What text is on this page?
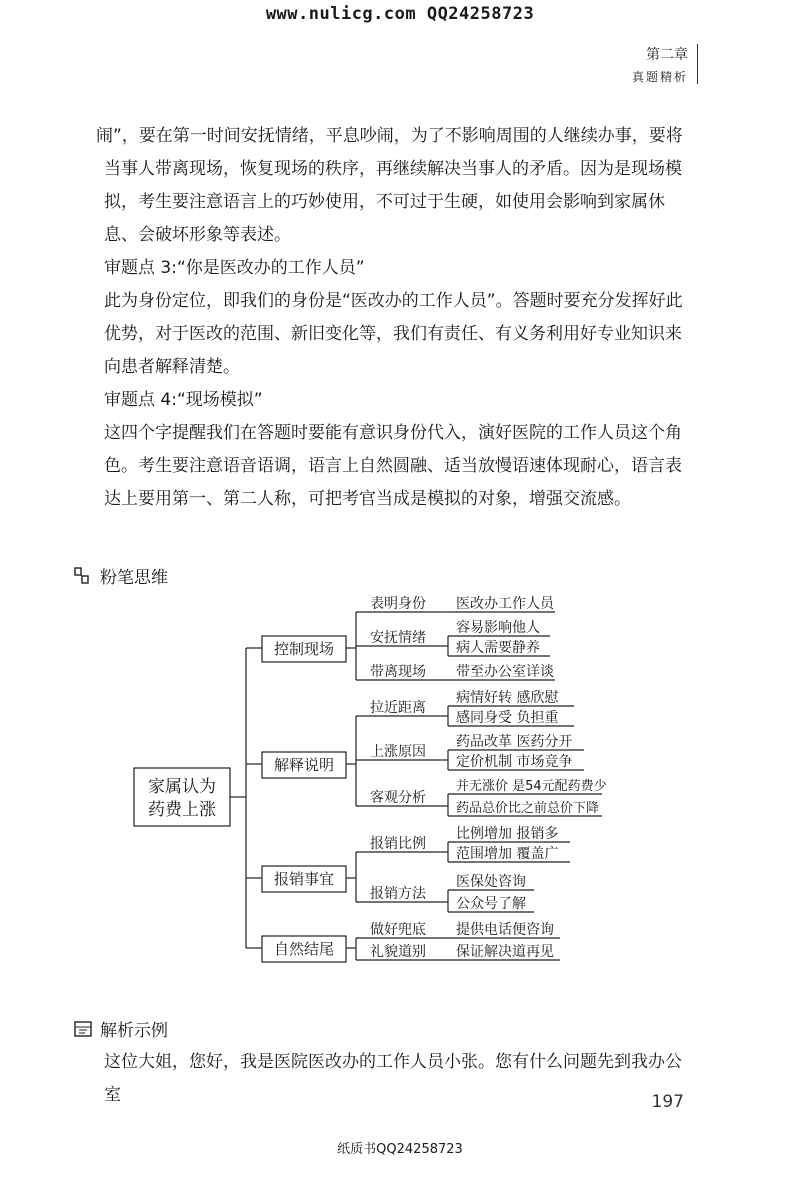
www.nulicg.com QQ24258723
第二章
真题精析

闹”，要在第一时间安抚情绪，平息吵闹，为了不影响周围的人继续办事，要将当事人带离现场，恢复现场的秩序，再继续解决当事人的矛盾。因为是现场模拟，考生要注意语言上的巧妙使用，不可过于生硬，如使用会影响到家属休息、会破坏形象等表述。

审题点 3:“你是医改办的工作人员”

此为身份定位，即我们的身份是“医改办的工作人员”。答题时要充分发挥好此优势，对于医改的范围、新旧变化等，我们有责任、有义务利用好专业知识来向患者解释清楚。

审题点 4:“现场模拟”

这四个字提醒我们在答题时要能有意识身份代入，演好医院的工作人员这个角色。考生要注意语音语调，语言上自然圆融、适当放慢语速体现耐心，语言表达上要用第一、第二人称，可把考官当成是模拟的对象，增强交流感。

粉笔思维
家属认为
药费上涨
控制现场
解释说明
报销事宜
自然结尾
表明身份 医改办工作人员
安抚情绪
容易影响他人
病人需要静养
带离现场 带至办公室详谈
拉近距离
病情好转 感欣慰
感同身受 负担重
上涨原因
药品改革 医药分开
定价机制 市场竞争
客观分析
并无涨价 是54元配药费少
药品总价比之前总价下降
报销比例
比例增加 报销多
范围增加 覆盖广
报销方法
医保处咨询
公众号了解
做好兜底 提供电话便咨询
礼貌道别 保证解决道再见
解析示例

这位大姐，您好，我是医院医改办的工作人员小张。您有什么问题先到我办公室	197
纸质书QQ24258723
